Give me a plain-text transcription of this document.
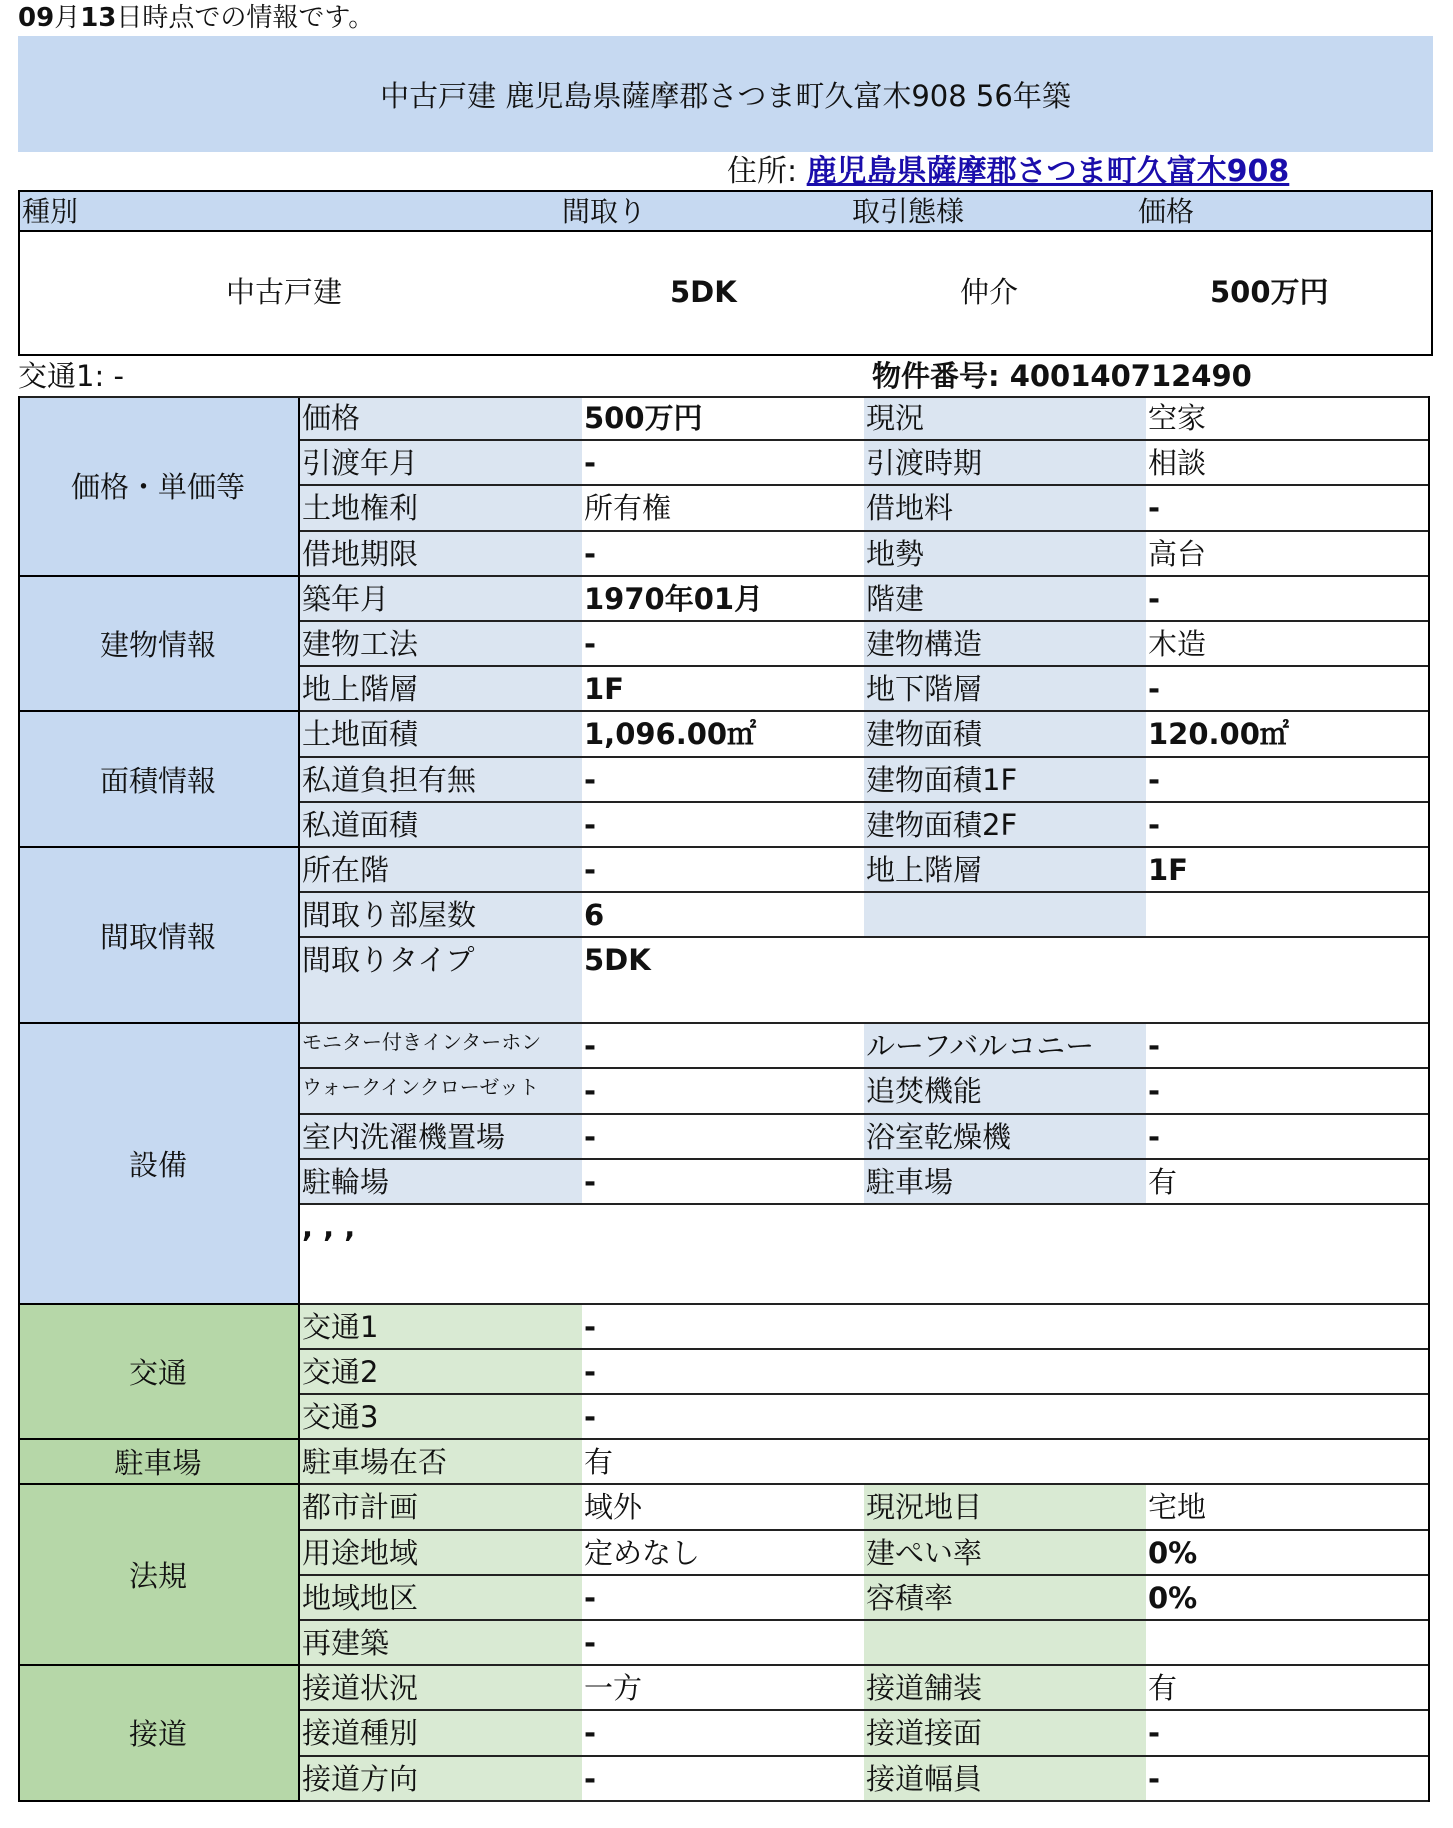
09月13日時点での情報です。
中古戸建 鹿児島県薩摩郡さつま町久富木908 56年築
住所: 鹿児島県薩摩郡さつま町久富木908
種別	間取り	取引態様	価格
中古戸建	5DK	仲介	500万円
交通1: -	物件番号: 400140712490
価格・単価等
価格	500万円	現況	空家
引渡年月	-	引渡時期	相談
土地権利	所有権	借地料	-
借地期限	-	地勢	高台
建物情報
築年月	1970年01月	階建	-
建物工法	-	建物構造	木造
地上階層	1F	地下階層	-
面積情報
土地面積	1,096.00㎡	建物面積	120.00㎡
私道負担有無	-	建物面積1F	-
私道面積	-	建物面積2F	-
間取情報
所在階	-	地上階層	1F
間取り部屋数	6
間取りタイプ	5DK
設備
モニター付きインターホン	-	ルーフバルコニー	-
ウォークインクローゼット	-	追焚機能	-
室内洗濯機置場	-	浴室乾燥機	-
駐輪場	-	駐車場	有
, , ,
交通
交通1	-
交通2	-
交通3	-
駐車場	駐車場在否	有
法規
都市計画	域外	現況地目	宅地
用途地域	定めなし	建ぺい率	0%
地域地区	-	容積率	0%
再建築	-
接道
接道状況	一方	接道舗装	有
接道種別	-	接道接面	-
接道方向	-	接道幅員	-
